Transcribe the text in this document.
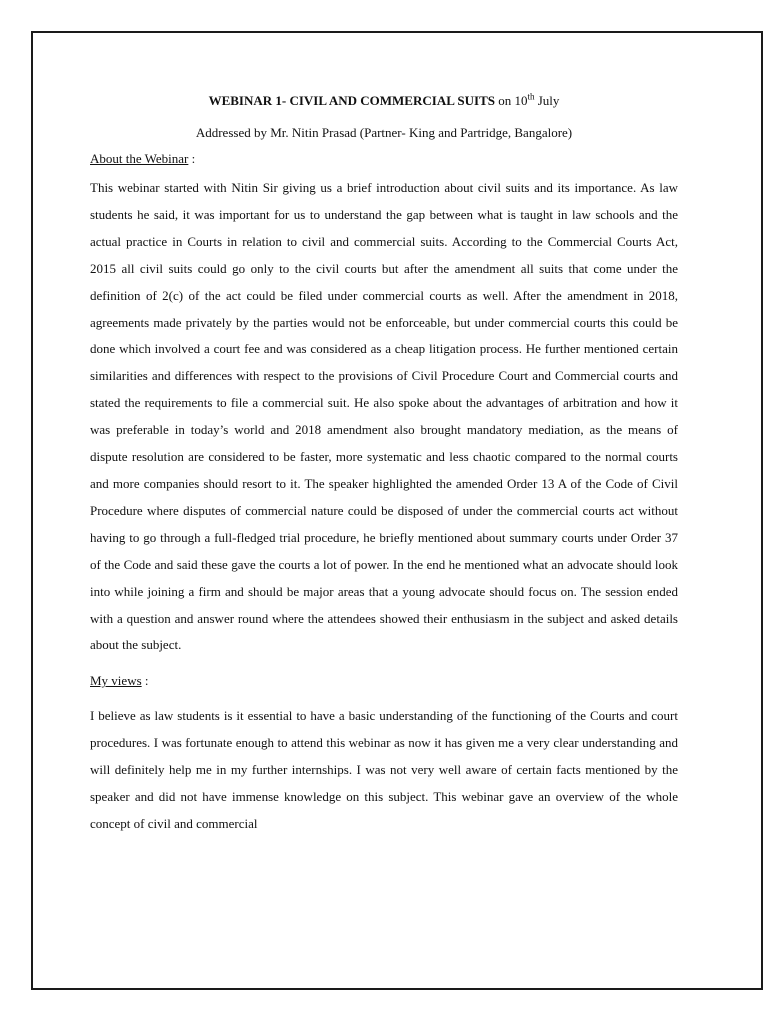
WEBINAR 1- CIVIL AND COMMERCIAL SUITS on 10th July

Addressed by Mr. Nitin Prasad (Partner- King and Partridge, Bangalore)

About the Webinar :

This webinar started with Nitin Sir giving us a brief introduction about civil suits and its importance. As law students he said, it was important for us to understand the gap between what is taught in law schools and the actual practice in Courts in relation to civil and commercial suits. According to the Commercial Courts Act, 2015 all civil suits could go only to the civil courts but after the amendment all suits that come under the definition of 2(c) of the act could be filed under commercial courts as well. After the amendment in 2018, agreements made privately by the parties would not be enforceable, but under commercial courts this could be done which involved a court fee and was considered as a cheap litigation process. He further mentioned certain similarities and differences with respect to the provisions of Civil Procedure Court and Commercial courts and stated the requirements to file a commercial suit. He also spoke about the advantages of arbitration and how it was preferable in today’s world and 2018 amendment also brought mandatory mediation, as the means of dispute resolution are considered to be faster, more systematic and less chaotic compared to the normal courts and more companies should resort to it. The speaker highlighted the amended Order 13 A of the Code of Civil Procedure where disputes of commercial nature could be disposed of under the commercial courts act without having to go through a full-fledged trial procedure, he briefly mentioned about summary courts under Order 37 of the Code and said these gave the courts a lot of power. In the end he mentioned what an advocate should look into while joining a firm and should be major areas that a young advocate should focus on. The session ended with a question and answer round where the attendees showed their enthusiasm in the subject and asked details about the subject.

My views :

I believe as law students is it essential to have a basic understanding of the functioning of the Courts and court procedures. I was fortunate enough to attend this webinar as now it has given me a very clear understanding and will definitely help me in my further internships. I was not very well aware of certain facts mentioned by the speaker and did not have immense knowledge on this subject. This webinar gave an overview of the whole concept of civil and commercial
